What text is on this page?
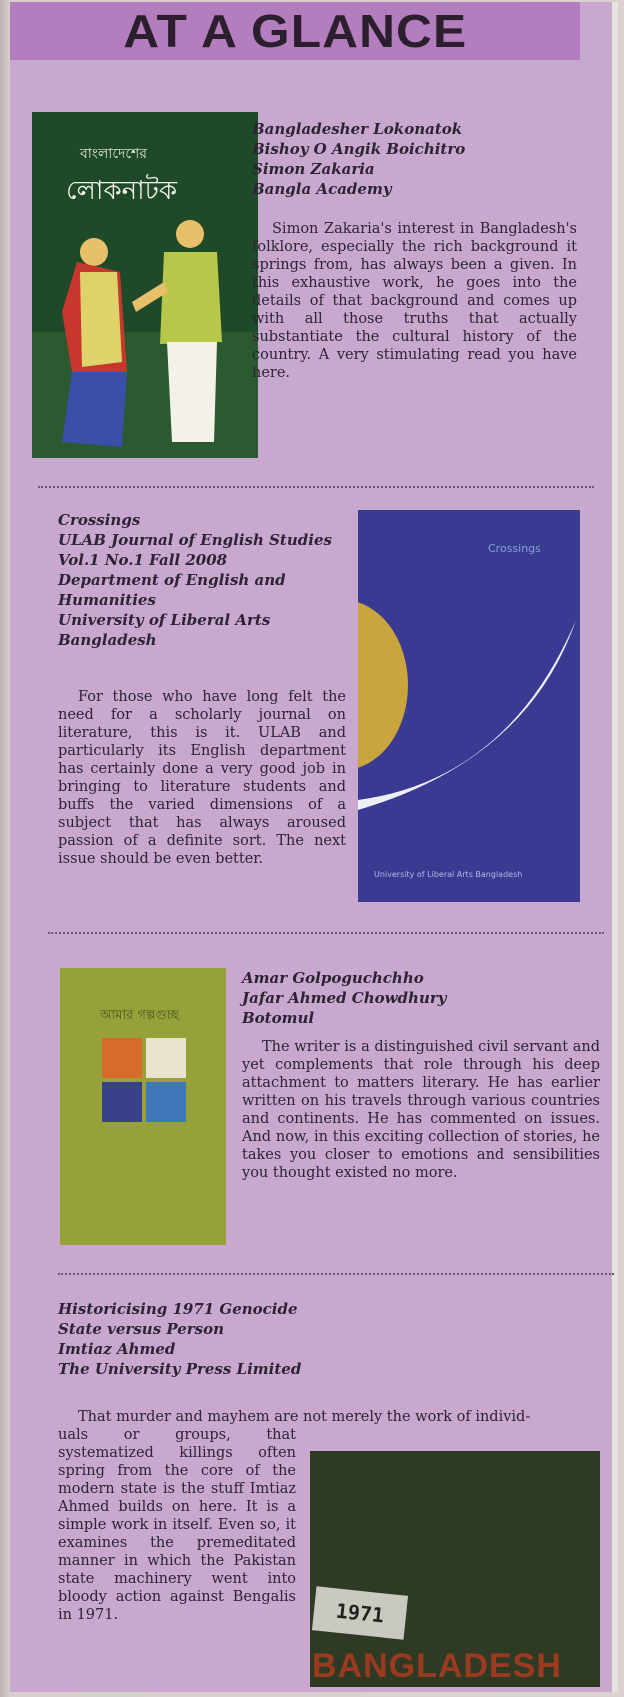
AT A GLANCE
বাংলাদেশের
লোকনাটক
Bangladesher Lokonatok
Bishoy O Angik Boichitro
Simon Zakaria
Bangla Academy

Simon Zakaria's interest in Bangladesh's folklore, especially the rich background it springs from, has always been a given. In this exhaustive work, he goes into the details of that background and comes up with all those truths that actually substantiate the cultural history of the country. A very stimulating read you have here.

Crossings
ULAB Journal of English Studies
Vol.1 No.1 Fall 2008
Department of English and
Humanities
University of Liberal Arts
Bangladesh

For those who have long felt the need for a scholarly journal on literature, this is it. ULAB and particularly its English department has certainly done a very good job in bringing to literature students and buffs the varied dimensions of a subject that has always aroused passion of a definite sort. The next issue should be even better.

Crossings
University of Liberal Arts Bangladesh
আমার গল্পগুচ্ছ
Amar Golpoguchchho
Jafar Ahmed Chowdhury
Botomul

The writer is a distinguished civil servant and yet complements that role through his deep attachment to matters literary. He has earlier written on his travels through various countries and continents. He has commented on issues. And now, in this exciting collection of stories, he takes you closer to emotions and sensibilities you thought existed no more.

Historicising 1971 Genocide
State versus Person
Imtiaz Ahmed
The University Press Limited

That murder and mayhem are not merely the work of individ-

uals or groups, that systematized killings often spring from the core of the modern state is the stuff Imtiaz Ahmed builds on here. It is a simple work in itself. Even so, it examines the premeditated manner in which the Pakistan state machinery went into bloody action against Bengalis in 1971.	1971
BANGLADESH
